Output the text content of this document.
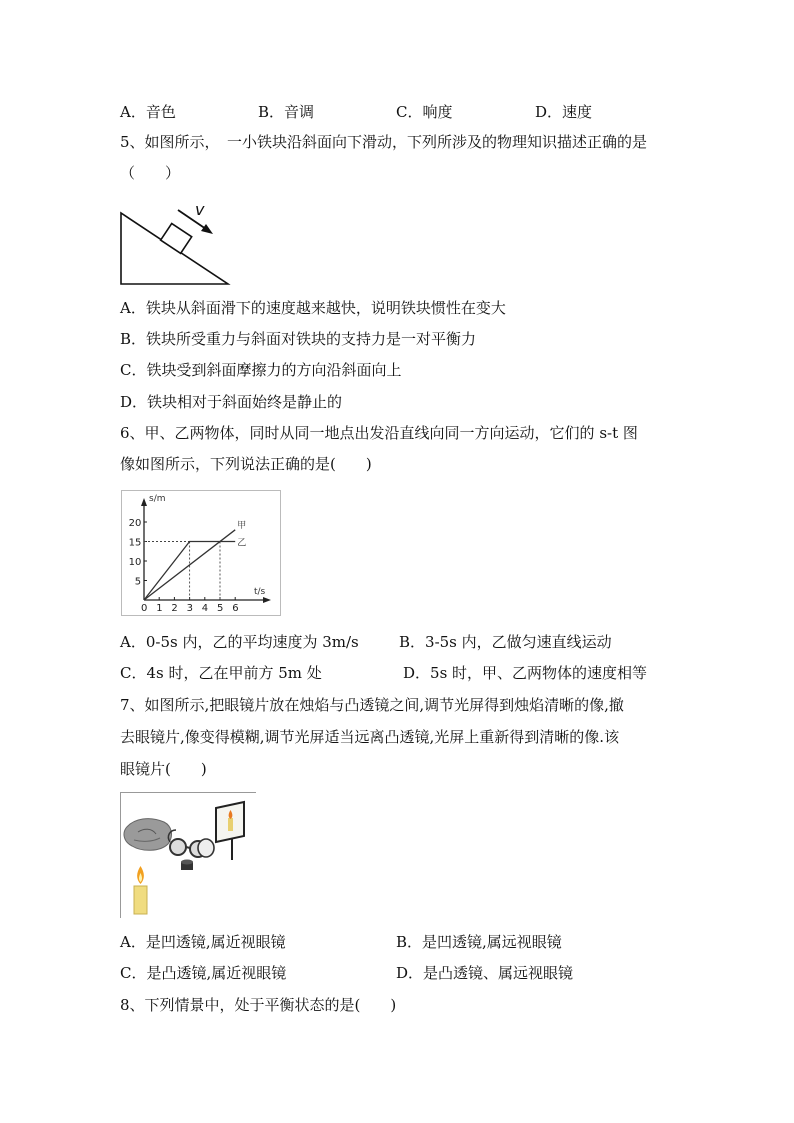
A．音色	B．音调	C．响度	D．速度
5、如图所示，　一小铁块沿斜面向下滑动，下列所涉及的物理知识描述正确的是
（　　）
v
A．铁块从斜面滑下的速度越来越快，说明铁块惯性在变大
B．铁块所受重力与斜面对铁块的支持力是一对平衡力
C．铁块受到斜面摩擦力的方向沿斜面向上
D．铁块相对于斜面始终是静止的
6、甲、乙两物体，同时从同一地点出发沿直线向同一方向运动，它们的 s-t 图
像如图所示，下列说法正确的是(　　)
s/m
t/s
0 1 2 3 4 5 6
5
10
15
20	甲
乙
A．0-5s 内，乙的平均速度为 3m/s	B．3-5s 内，乙做匀速直线运动
C．4s 时，乙在甲前方 5m 处	D．5s 时，甲、乙两物体的速度相等
7、如图所示,把眼镜片放在烛焰与凸透镜之间,调节光屏得到烛焰清晰的像,撤
去眼镜片,像变得模糊,调节光屏适当远离凸透镜,光屏上重新得到清晰的像.该
眼镜片(　　)
A．是凹透镜,属近视眼镜	B．是凹透镜,属远视眼镜
C．是凸透镜,属近视眼镜	D．是凸透镜、属远视眼镜
8、下列情景中，处于平衡状态的是(　　)
